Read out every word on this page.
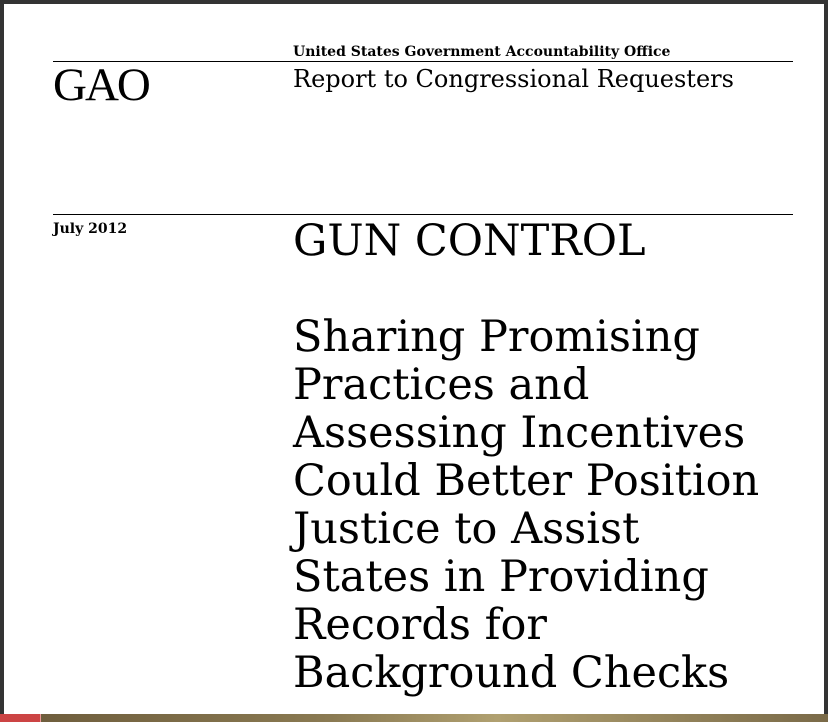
United States Government Accountability Office
GAO	Report to Congressional Requesters
July 2012	GUN CONTROL
Sharing Promising
Practices and
Assessing Incentives
Could Better Position
Justice to Assist
States in Providing
Records for
Background Checks
